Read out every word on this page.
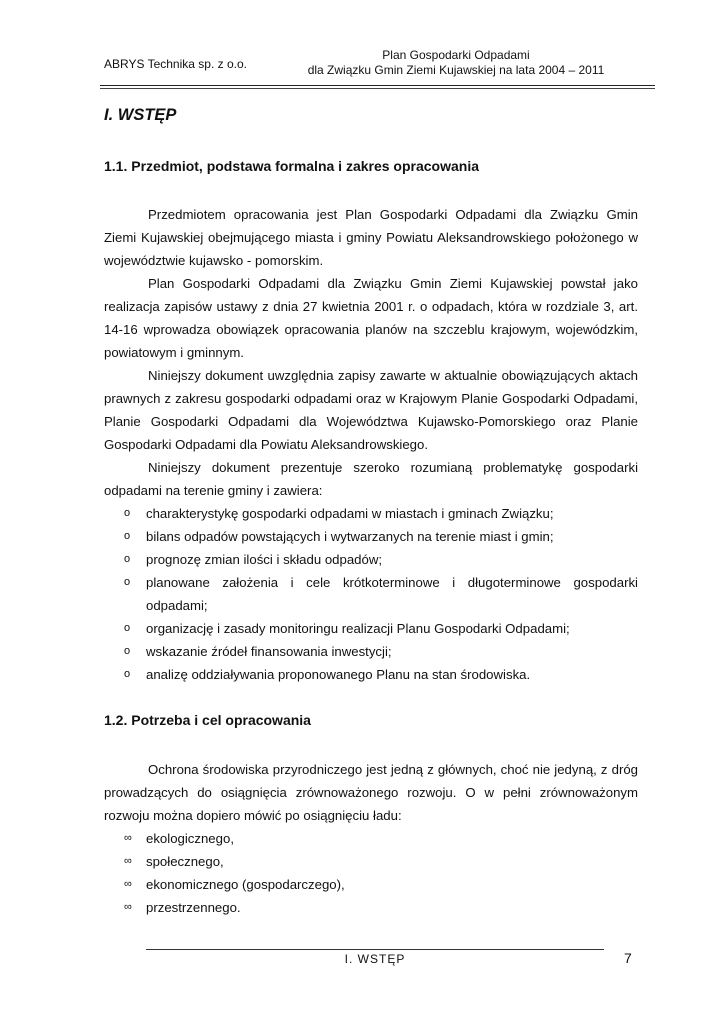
ABRYS Technika sp. z o.o.
Plan Gospodarki Odpadami
dla Związku Gmin Ziemi Kujawskiej na lata 2004 – 2011
I. WSTĘP
1.1. Przedmiot, podstawa formalna i zakres opracowania
Przedmiotem opracowania jest Plan Gospodarki Odpadami dla Związku Gmin Ziemi Kujawskiej obejmującego miasta i gminy Powiatu Aleksandrowskiego położonego w województwie kujawsko - pomorskim.
Plan Gospodarki Odpadami dla Związku Gmin Ziemi Kujawskiej powstał jako realizacja zapisów ustawy z dnia 27 kwietnia 2001 r. o odpadach, która w rozdziale 3, art. 14-16 wprowadza obowiązek opracowania planów na szczeblu krajowym, wojewódzkim, powiatowym i gminnym.
Niniejszy dokument uwzględnia zapisy zawarte w aktualnie obowiązujących aktach prawnych z zakresu gospodarki odpadami oraz w Krajowym Planie Gospodarki Odpadami, Planie Gospodarki Odpadami dla Województwa Kujawsko-Pomorskiego oraz Planie Gospodarki Odpadami dla Powiatu Aleksandrowskiego.
Niniejszy dokument prezentuje szeroko rozumianą problematykę gospodarki odpadami na terenie gminy i zawiera:
o charakterystykę gospodarki odpadami w miastach i gminach Związku;
o bilans odpadów powstających i wytwarzanych na terenie miast i gmin;
o prognozę zmian ilości i składu odpadów;
o planowane założenia i cele krótkoterminowe i długoterminowe gospodarki odpadami;
o organizację i zasady monitoringu realizacji Planu Gospodarki Odpadami;
o wskazanie źródeł finansowania inwestycji;
o analizę oddziaływania proponowanego Planu na stan środowiska.
1.2. Potrzeba i cel opracowania
Ochrona środowiska przyrodniczego jest jedną z głównych, choć nie jedyną, z dróg prowadzących do osiągnięcia zrównoważonego rozwoju. O w pełni zrównoważonym rozwoju można dopiero mówić po osiągnięciu ładu:
∞ ekologicznego,
∞ społecznego,
∞ ekonomicznego (gospodarczego),
∞ przestrzennego.
I. WSTĘP	7
